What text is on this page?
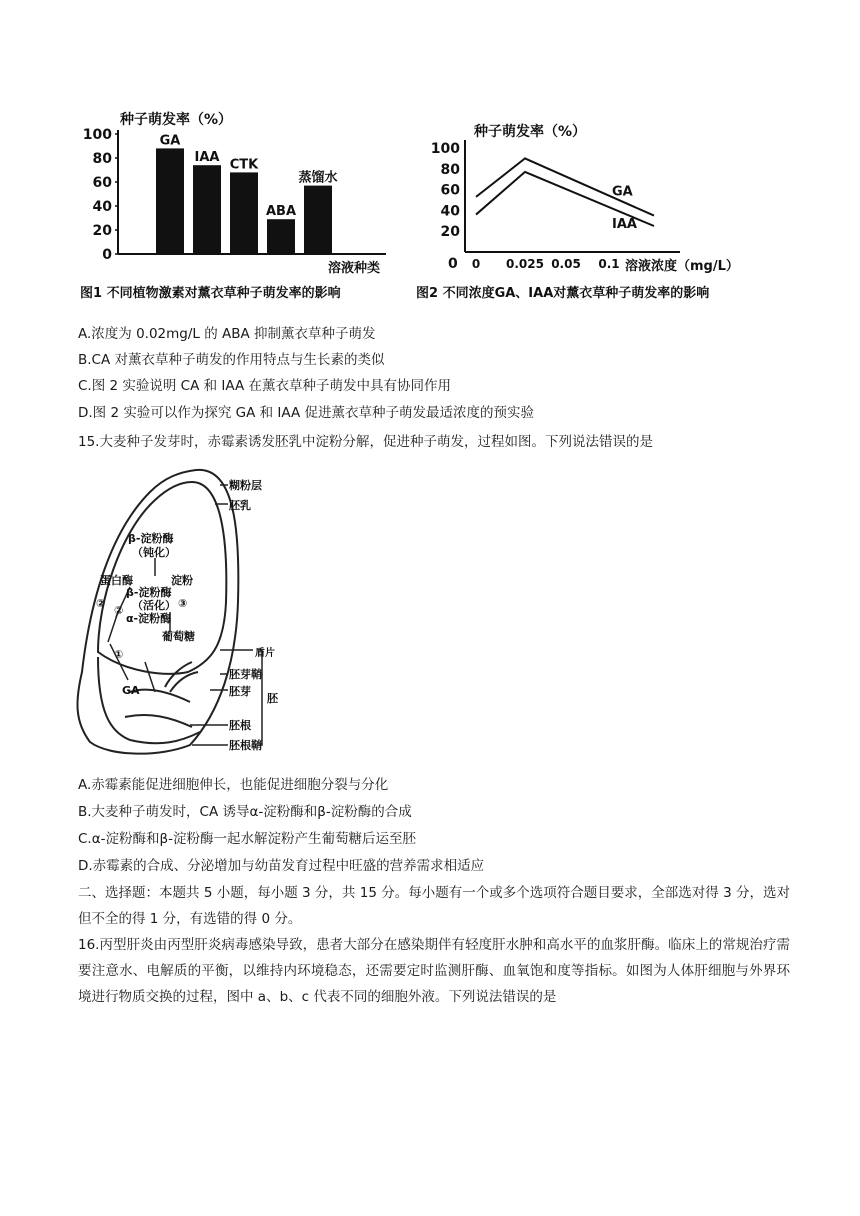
种子萌发率（%）
0
20
40
60
80
100	GA
IAA CTK
ABA
蒸馏水
溶液种类
图1 不同植物激素对薰衣草种子萌发率的影响
种子萌发率（%）
20
40
60
80
100
0 0 0.025 0.05 0.1 溶液浓度（mg/L）
GA
IAA
图2 不同浓度GA、IAA对薰衣草种子萌发率的影响
A.浓度为 0.02mg/L 的 ABA 抑制薰衣草种子萌发
B.CA 对薰衣草种子萌发的作用特点与生长素的类似
C.图 2 实验说明 CA 和 IAA 在薰衣草种子萌发中具有协同作用
D.图 2 实验可以作为探究 GA 和 IAA 促进薰衣草种子萌发最适浓度的预实验
15.大麦种子发芽时，赤霉素诱发胚乳中淀粉分解，促进种子萌发，过程如图。下列说法错误的是
糊粉层
胚乳
β-淀粉酶
（钝化）
蛋白酶	淀粉
β-淀粉酶
（活化）
α-淀粉酶
葡萄糖
盾片
胚芽鞘
胚芽
胚
胚根
胚根鞘
GA
①
②
②
③
A.赤霉素能促进细胞伸长，也能促进细胞分裂与分化
B.大麦种子萌发时，CA 诱导α-淀粉酶和β-淀粉酶的合成
C.α-淀粉酶和β-淀粉酶一起水解淀粉产生葡萄糖后运至胚
D.赤霉素的合成、分泌增加与幼苗发育过程中旺盛的营养需求相适应
二、选择题：本题共 5 小题，每小题 3 分，共 15 分。每小题有一个或多个选项符合题目要求，全部选对得 3 分，选对但不全的得 1 分，有选错的得 0 分。
16.丙型肝炎由丙型肝炎病毒感染导致，患者大部分在感染期伴有轻度肝水肿和高水平的血浆肝酶。临床上的常规治疗需要注意水、电解质的平衡，以维持内环境稳态，还需要定时监测肝酶、血氧饱和度等指标。如图为人体肝细胞与外界环境进行物质交换的过程，图中 a、b、c 代表不同的细胞外液。下列说法错误的是
